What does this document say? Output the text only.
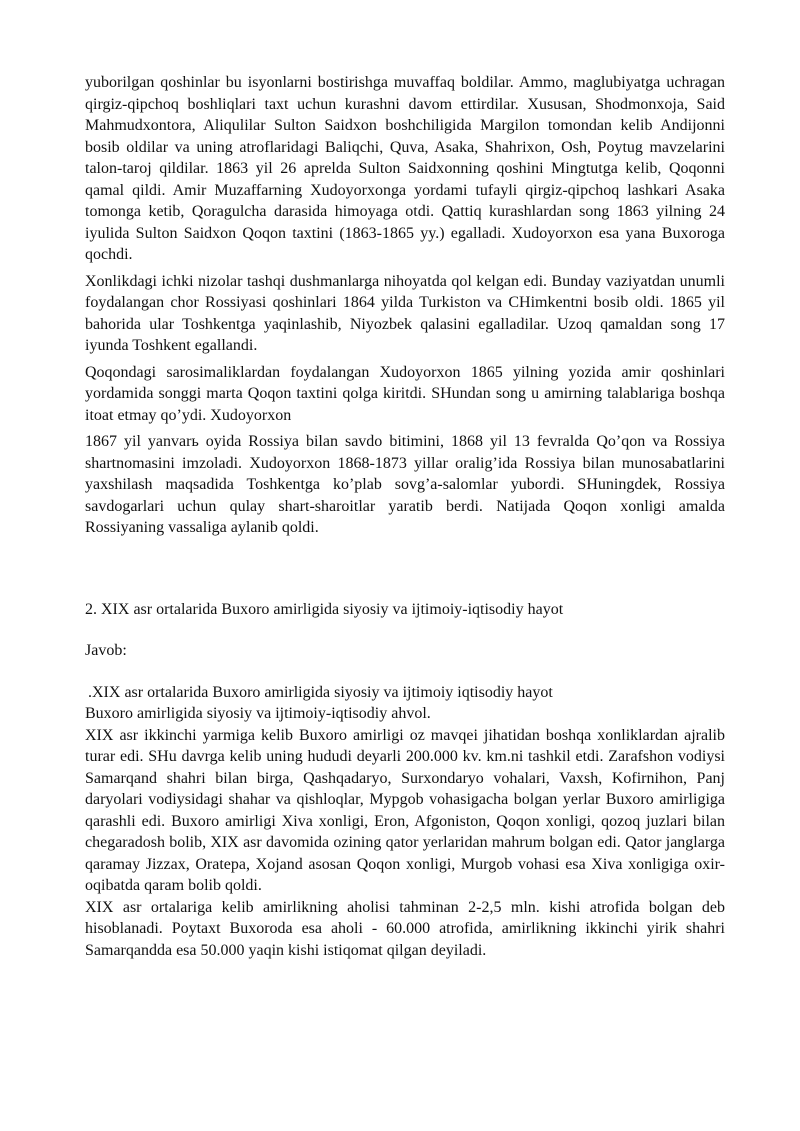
yuborilgan qoshinlar bu isyonlarni bostirishga muvaffaq boldilar. Ammo, maglubiyatga uchragan qirgiz-qipchoq boshliqlari taxt uchun kurashni davom ettirdilar. Xususan, Shodmonxoja, Said Mahmudxontora, Aliqulilar Sulton Saidxon boshchiligida Margilon tomondan kelib Andijonni bosib oldilar va uning atroflaridagi Baliqchi, Quva, Asaka, Shahrixon, Osh, Poytug mavzelarini talon-taroj qildilar. 1863 yil 26 aprelda Sulton Saidxonning qoshini Mingtutga kelib, Qoqonni qamal qildi. Amir Muzaffarning Xudoyorxonga yordami tufayli qirgiz-qipchoq lashkari Asaka tomonga ketib, Qoragulcha darasida himoyaga otdi. Qattiq kurashlardan song 1863 yilning 24 iyulida Sulton Saidxon Qoqon taxtini (1863-1865 yy.) egalladi. Xudoyorxon esa yana Buxoroga qochdi.

Xonlikdagi ichki nizolar tashqi dushmanlarga nihoyatda qol kelgan edi. Bunday vaziyatdan unumli foydalangan chor Rossiyasi qoshinlari 1864 yilda Turkiston va CHimkentni bosib oldi. 1865 yil bahorida ular Toshkentga yaqinlashib, Niyozbek qalasini egalladilar. Uzoq qamaldan song 17 iyunda Toshkent egallandi.

Qoqondagi sarosimaliklardan foydalangan Xudoyorxon 1865 yilning yozida amir qoshinlari yordamida songgi marta Qoqon taxtini qolga kiritdi. SHundan song u amirning talablariga boshqa itoat etmay qo’ydi. Xudoyorxon

1867 yil yanvarь oyida Rossiya bilan savdo bitimini, 1868 yil 13 fevralda Qo’qon va Rossiya shartnomasini imzoladi. Xudoyorxon 1868-1873 yillar oralig’ida Rossiya bilan munosabatlarini yaxshilash maqsadida Toshkentga ko’plab sovg’a-salomlar yubordi. SHuningdek, Rossiya savdogarlari uchun qulay shart-sharoitlar yaratib berdi. Natijada Qoqon xonligi amalda Rossiyaning vassaliga aylanib qoldi.

2. XIX asr ortalarida Buxoro amirligida siyosiy va ijtimoiy-iqtisodiy hayot

Javob:

.XIX asr ortalarida Buxoro amirligida siyosiy va ijtimoiy iqtisodiy hayot

Buxoro amirligida siyosiy va ijtimoiy-iqtisodiy ahvol.

XIX asr ikkinchi yarmiga kelib Buxoro amirligi oz mavqei jihatidan boshqa xonliklardan ajralib turar edi. SHu davrga kelib uning hududi deyarli 200.000 kv. km.ni tashkil etdi. Zarafshon vodiysi Samarqand shahri bilan birga, Qashqadaryo, Surxondaryo vohalari, Vaxsh, Kofirnihon, Panj daryolari vodiysidagi shahar va qishloqlar, Mypgob vohasigacha bolgan yerlar Buxoro amirligiga qarashli edi. Buxoro amirligi Xiva xonligi, Eron, Afgoniston, Qoqon xonligi, qozoq juzlari bilan chegaradosh bolib, XIX asr davomida ozining qator yerlaridan mahrum bolgan edi. Qator janglarga qaramay Jizzax, Oratepa, Xojand asosan Qoqon xonligi, Murgob vohasi esa Xiva xonligiga oxir-oqibatda qaram bolib qoldi.

XIX asr ortalariga kelib amirlikning aholisi tahminan 2-2,5 mln. kishi atrofida bolgan deb hisoblanadi. Poytaxt Buxoroda esa aholi - 60.000 atrofida, amirlikning ikkinchi yirik shahri Samarqandda esa 50.000 yaqin kishi istiqomat qilgan deyiladi.
